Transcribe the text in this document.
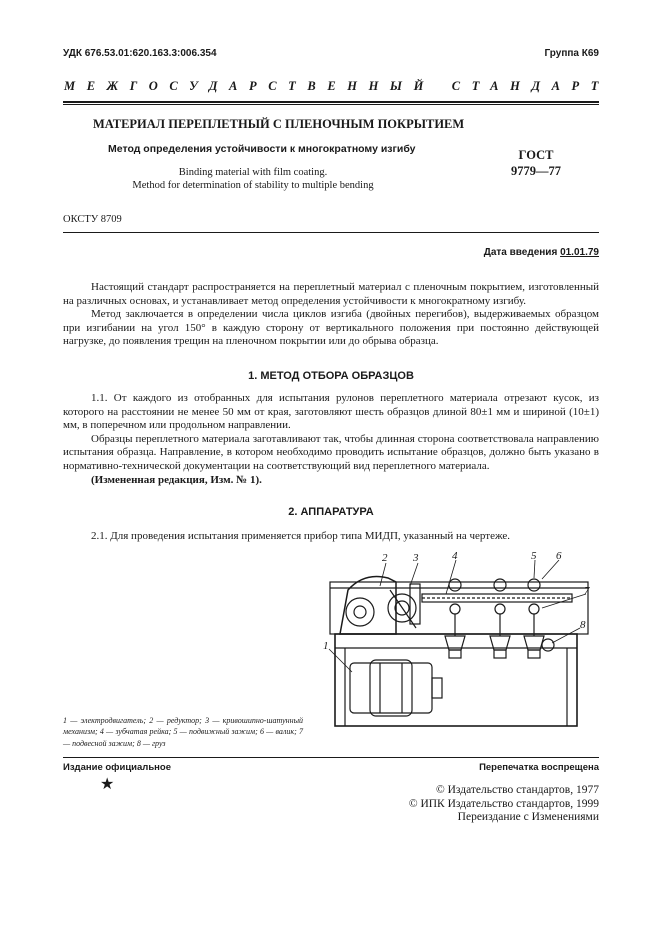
УДК 676.53.01:620.163.3:006.354	Группа К69
МЕЖГОСУДАРСТВЕННЫЙ СТАНДАРТ
МАТЕРИАЛ ПЕРЕПЛЕТНЫЙ С ПЛЕНОЧНЫМ ПОКРЫТИЕМ
Метод определения устойчивости к многократному изгибу	ГОСТ
9779—77
Binding material with film coating.
Method for determination of stability to multiple bending
ОКСТУ 8709
Дата введения 01.01.79

Настоящий стандарт распространяется на переплетный материал с пленочным покрытием, изготовленный на различных основах, и устанавливает метод определения устойчивости к многократному изгибу.

Метод заключается в определении числа циклов изгиба (двойных перегибов), выдерживаемых образцом при изгибании на угол 150° в каждую сторону от вертикального положения при постоянно действующей нагрузке, до появления трещин на пленочном покрытии или до обрыва образца.

1. МЕТОД ОТБОРА ОБРАЗЦОВ

1.1. От каждого из отобранных для испытания рулонов переплетного материала отрезают кусок, из которого на расстоянии не менее 50 мм от края, заготовляют шесть образцов длиной 80±1 мм и шириной (10±1) мм, в поперечном или продольном направлении.

Образцы переплетного материала заготавливают так, чтобы длинная сторона соответствовала направлению испытания образца. Направление, в котором необходимо проводить испытание образцов, должно быть указано в нормативно-технической документации на соответствующий вид переплетного материала.

(Измененная редакция, Изм. № 1).

2. АППАРАТУРА

2.1. Для проведения испытания применяется прибор типа МИДП, указанный на чертеже.

1
2 3	4	5 6
7
8
1 — электродвигатель; 2 — редуктор; 3 — кривошипно-шатунный механизм; 4 — зубчатая рейка; 5 — подвижный зажим; 6 — валик; 7 — подвесной зажим; 8 — груз
Издание официальное	Перепечатка воспрещена
★	© Издательство стандартов, 1977
© ИПК Издательство стандартов, 1999
Переиздание с Изменениями
